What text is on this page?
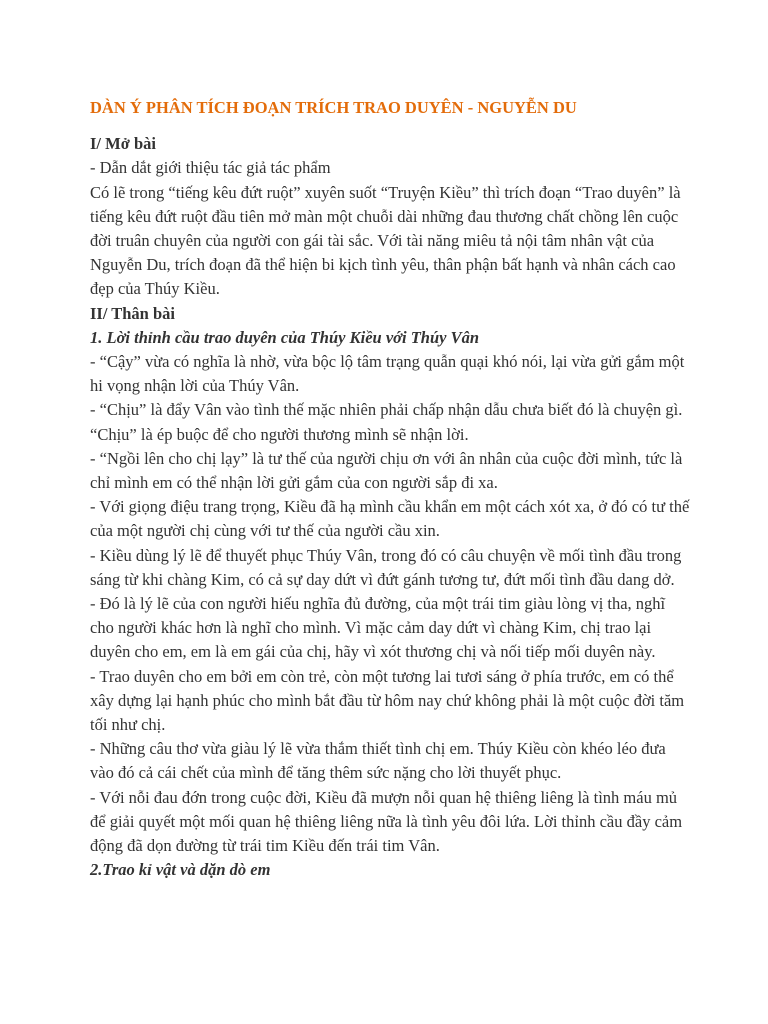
DÀN Ý PHÂN TÍCH ĐOẠN TRÍCH TRAO DUYÊN - NGUYỄN DU
I/ Mở bài
- Dẫn dắt giới thiệu tác giả tác phẩm
Có lẽ trong “tiếng kêu đứt ruột” xuyên suốt “Truyện Kiều” thì trích đoạn “Trao duyên” là tiếng kêu đứt ruột đầu tiên mở màn một chuỗi dài những đau thương chất chồng lên cuộc đời truân chuyên của người con gái tài sắc. Với tài năng miêu tả nội tâm nhân vật của Nguyễn Du, trích đoạn đã thể hiện bi kịch tình yêu, thân phận bất hạnh và nhân cách cao đẹp của Thúy Kiều.
II/ Thân bài
1. Lời thỉnh cầu trao duyên của Thúy Kiều với Thúy Vân
- “Cậy” vừa có nghĩa là nhờ, vừa bộc lộ tâm trạng quẫn quại khó nói, lại vừa gửi gắm một hi vọng nhận lời của Thúy Vân.
- “Chịu” là đẩy Vân vào tình thế mặc nhiên phải chấp nhận dẫu chưa biết đó là chuyện gì. “Chịu” là ép buộc để cho người thương mình sẽ nhận lời.
- “Ngồi lên cho chị lạy” là tư thế của người chịu ơn với ân nhân của cuộc đời mình, tức là chỉ mình em có thể nhận lời gửi gắm của con người sắp đi xa.
- Với giọng điệu trang trọng, Kiều đã hạ mình cầu khẩn em một cách xót xa, ở đó có tư thế của một người chị cùng với tư thế của người cầu xin.
- Kiều dùng lý lẽ để thuyết phục Thúy Vân, trong đó có câu chuyện về mối tình đầu trong sáng từ khi chàng Kim, có cả sự day dứt vì đứt gánh tương tư, đứt mối tình đầu dang dở.
- Đó là lý lẽ của con người hiếu nghĩa đủ đường, của một trái tim giàu lòng vị tha, nghĩ cho người khác hơn là nghĩ cho mình. Vì mặc cảm day dứt vì chàng Kim, chị trao lại duyên cho em, em là em gái của chị, hãy vì xót thương chị và nối tiếp mối duyên này.
- Trao duyên cho em bởi em còn trẻ, còn một tương lai tươi sáng ở phía trước, em có thể xây dựng lại hạnh phúc cho mình bắt đầu từ hôm nay chứ không phải là một cuộc đời tăm tối như chị.
- Những câu thơ vừa giàu lý lẽ vừa thắm thiết tình chị em. Thúy Kiều còn khéo léo đưa vào đó cả cái chết của mình để tăng thêm sức nặng cho lời thuyết phục.
- Với nỗi đau đớn trong cuộc đời, Kiều đã mượn nỗi quan hệ thiêng liêng là tình máu mủ để giải quyết một mối quan hệ thiêng liêng nữa là tình yêu đôi lứa. Lời thỉnh cầu đầy cảm động đã dọn đường từ trái tim Kiều đến trái tim Vân.
2.Trao kỉ vật và dặn dò em
